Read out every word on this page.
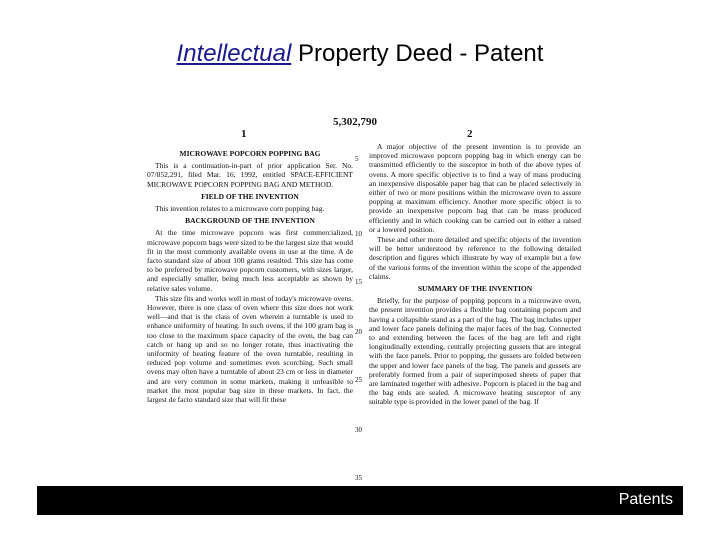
Intellectual Property Deed - Patent
5,302,790
1	2
MICROWAVE POPCORN POPPING BAG

This is a continuation-in-part of prior application Ser. No. 07/852,291, filed Mar. 16, 1992, entitled SPACE-EFFICIENT MICROWAVE POPCORN POPPING BAG AND METHOD.

FIELD OF THE INVENTION

This invention relates to a microwave corn popping bag.

BACKGROUND OF THE INVENTION

At the time microwave popcorn was first commercialized, microwave popcorn bags were sized to be the largest size that would fit in the most commonly available ovens in use at the time. A de facto standard size of about 100 grams resulted. This size has come to be preferred by microwave popcorn customers, with sizes larger, and especially smaller, being much less acceptable as shown by relative sales volume.

This size fits and works well in most of today's microwave ovens. However, there is one class of oven where this size does not work well—and that is the class of oven wherein a turntable is used to enhance uniformity of heating. In such ovens, if the 100 gram bag is too close to the maximum space capacity of the oven, the bag can catch or hang up and so no longer rotate, thus inactivating the uniformity of heating feature of the oven turntable, resulting in reduced pop volume and sometimes even scorching. Such small ovens may often have a turntable of about 23 cm or less in diameter and are very common in some markets, making it unfeasible to market the most popular bag size in these markets. In fact, the largest de facto standard size that will fit these

5
10
15
20
25
30
35

A major objective of the present invention is to provide an improved microwave popcorn popping bag in which energy can be transmitted efficiently to the susceptor in both of the above types of ovens. A more specific objective is to find a way of mass producing an inexpensive disposable paper bag that can be placed selectively in either of two or more positions within the microwave oven to assure popping at maximum efficiency. Another more specific object is to provide an inexpensive popcorn bag that can be mass produced efficiently and in which cooking can be carried out in either a raised or a lowered position.

These and other more detailed and specific objects of the invention will be better understood by reference to the following detailed description and figures which illustrate by way of example but a few of the various forms of the invention within the scope of the appended claims.

SUMMARY OF THE INVENTION

Briefly, for the purpose of popping popcorn in a microwave oven, the present invention provides a flexible bag containing popcorn and having a collapsible stand as a part of the bag. The bag includes upper and lower face panels defining the major faces of the bag. Connected to and extending between the faces of the bag are left and right longitudinally extending, centrally projecting gussets that are integral with the face panels. Prior to popping, the gussets are folded between the upper and lower face panels of the bag. The panels and gussets are preferably formed from a pair of superimposed sheets of paper that are laminated together with adhesive. Popcorn is placed in the bag and the bag ends are sealed. A microwave heating susceptor of any suitable type is provided in the lower panel of the bag. If

Patents
